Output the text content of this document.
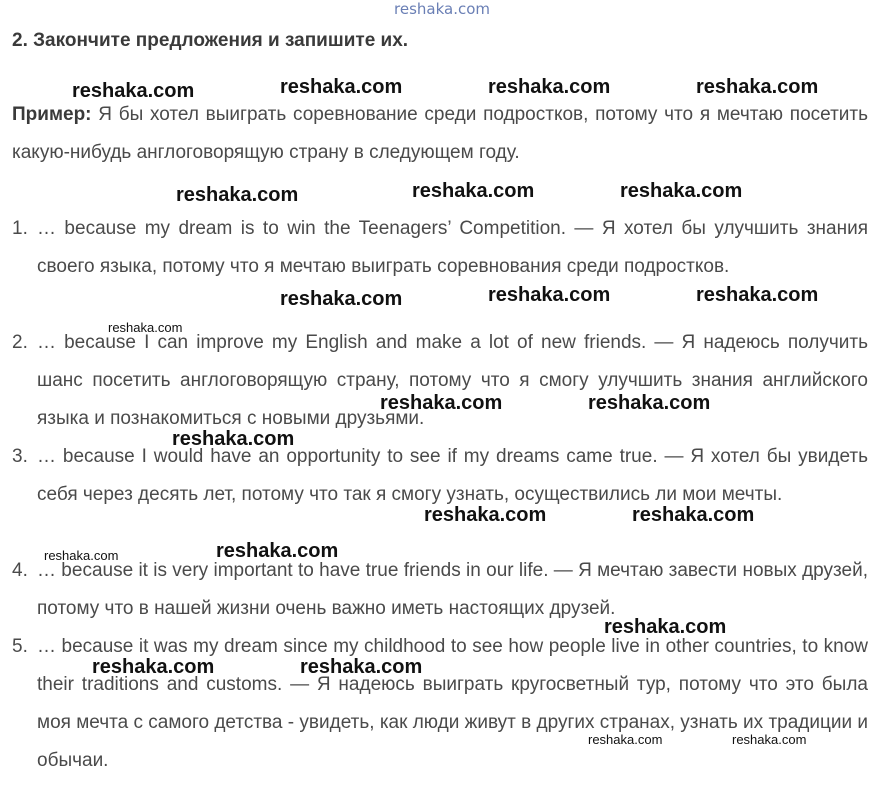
reshaka.com
2. Закончите предложения и запишите их.
Пример: Я бы хотел выиграть соревнование среди подростков, потому что я мечтаю посетить какую-нибудь англоговорящую страну в следующем году.
1. … because my dream is to win the Teenagers’ Competition. — Я хотел бы улучшить знания своего языка, потому что я мечтаю выиграть соревнования среди подростков.
2. … because I can improve my English and make a lot of new friends. — Я надеюсь получить шанс посетить англоговорящую страну, потому что я смогу улучшить знания английского языка и познакомиться с новыми друзьями.
3. … because I would have an opportunity to see if my dreams came true. — Я хотел бы увидеть себя через десять лет, потому что так я смогу узнать, осуществились ли мои мечты.
4. … because it is very important to have true friends in our life. — Я мечтаю завести новых друзей, потому что в нашей жизни очень важно иметь настоящих друзей.
5. … because it was my dream since my childhood to see how people live in other countries, to know their traditions and customs. — Я надеюсь выиграть кругосветный тур, потому что это была моя мечта с самого детства - увидеть, как люди живут в других странах, узнать их традиции и обычаи.
reshaka.com	reshaka.com	reshaka.com	reshaka.com
reshaka.com	reshaka.com	reshaka.com
reshaka.com	reshaka.com	reshaka.com
reshaka.com
reshaka.com	reshaka.com
reshaka.com
reshaka.com	reshaka.com
reshaka.com
reshaka.com
reshaka.com
reshaka.com	reshaka.com
reshaka.com	reshaka.com
